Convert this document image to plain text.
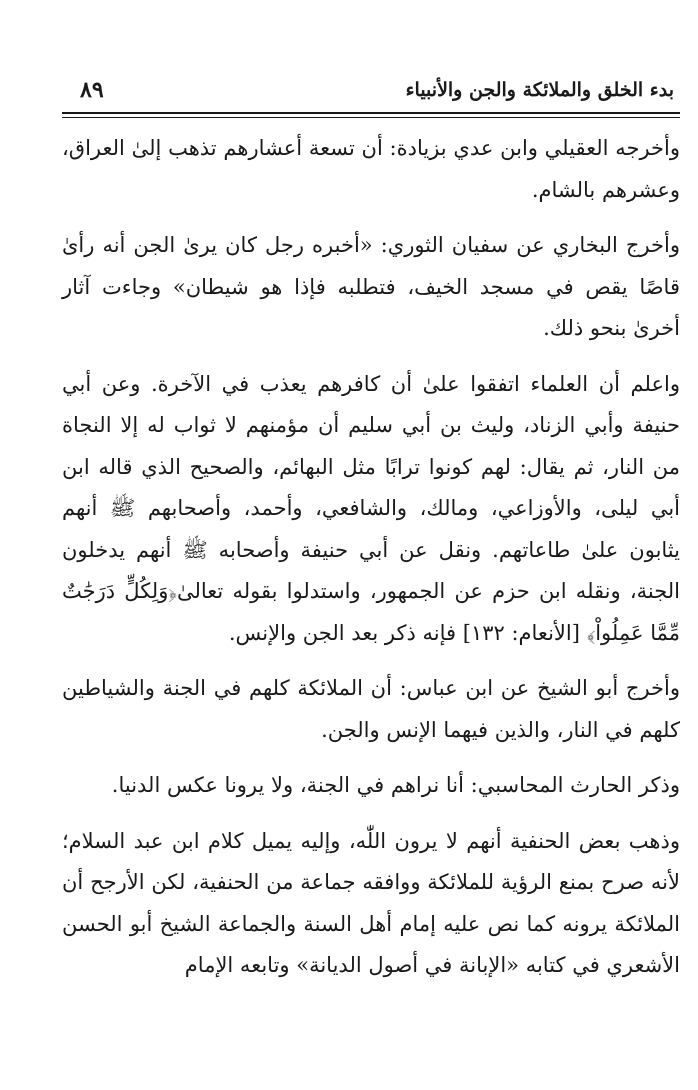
بدء الخلق والملائكة والجن والأنبياء
٨٩

وأخرجه العقيلي وابن عدي بزيادة: أن تسعة أعشارهم تذهب إلىٰ العراق، وعشرهم بالشام.

وأخرج البخاري عن سفيان الثوري: «أخبره رجل كان يرىٰ الجن أنه رأىٰ قاصًا يقص في مسجد الخيف، فتطلبه فإذا هو شيطان» وجاءت آثار أخرىٰ بنحو ذلك.

واعلم أن العلماء اتفقوا علىٰ أن كافرهم يعذب في الآخرة. وعن أبي حنيفة وأبي الزناد، وليث بن أبي سليم أن مؤمنهم لا ثواب له إلا النجاة من النار، ثم يقال: لهم كونوا ترابًا مثل البهائم، والصحيح الذي قاله ابن أبي ليلى، والأوزاعي، ومالك، والشافعي، وأحمد، وأصحابهم ﷺ أنهم يثابون علىٰ طاعاتهم. ونقل عن أبي حنيفة وأصحابه ﷺ أنهم يدخلون الجنة، ونقله ابن حزم عن الجمهور، واستدلوا بقوله تعالىٰ﴿وَلِكُلٍّ دَرَجَٰتٌ مِّمَّا عَمِلُواْ﴾ [الأنعام: ١٣٢] فإنه ذكر بعد الجن والإنس.

وأخرج أبو الشيخ عن ابن عباس: أن الملائكة كلهم في الجنة والشياطين كلهم في النار، والذين فيهما الإنس والجن.

وذكر الحارث المحاسبي: أنا نراهم في الجنة، ولا يرونا عكس الدنيا.

وذهب بعض الحنفية أنهم لا يرون اللّٰه، وإليه يميل كلام ابن عبد السلام؛ لأنه صرح بمنع الرؤية للملائكة ووافقه جماعة من الحنفية، لكن الأرجح أن الملائكة يرونه كما نص عليه إمام أهل السنة والجماعة الشيخ أبو الحسن الأشعري في كتابه «الإبانة في أصول الديانة» وتابعه الإمام
